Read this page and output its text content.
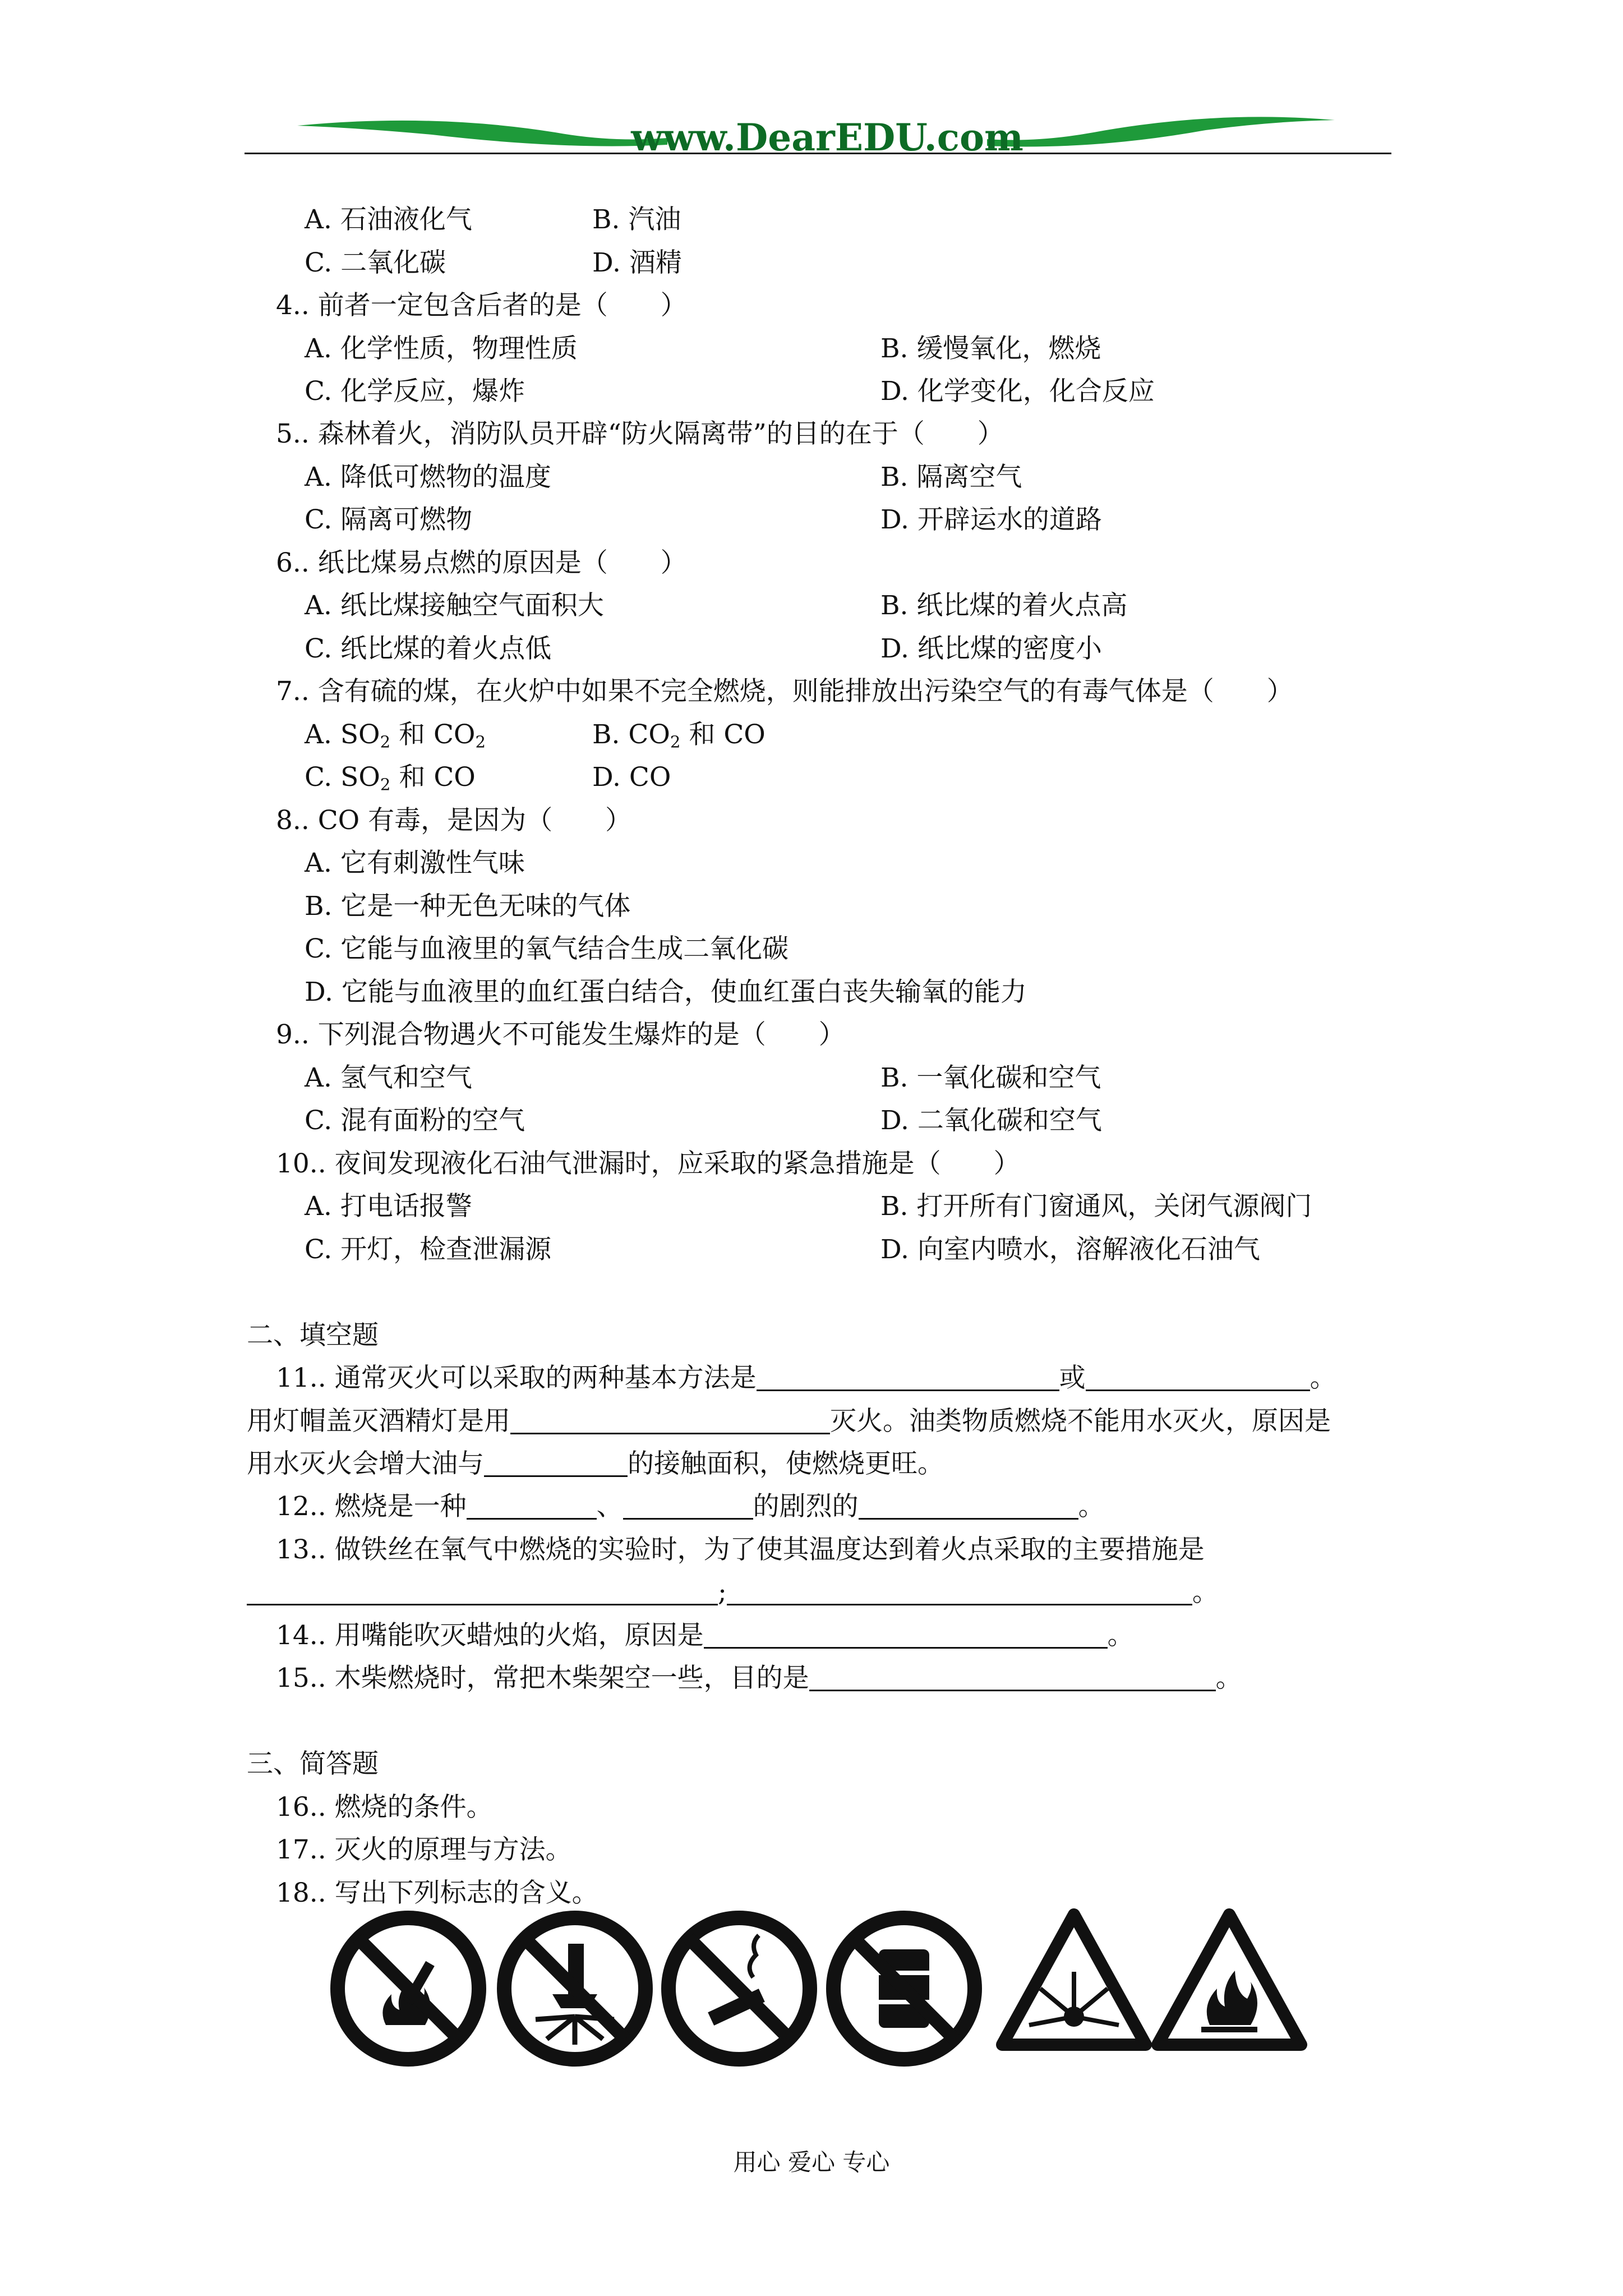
www.DearEDU.com
A. 石油液化气	B. 汽油
C. 二氧化碳	D. 酒精
4.. 前者一定包含后者的是（　　）
A. 化学性质，物理性质	B. 缓慢氧化，燃烧
C. 化学反应，爆炸	D. 化学变化，化合反应
5.. 森林着火，消防队员开辟“防火隔离带”的目的在于（　　）
A. 降低可燃物的温度	B. 隔离空气
C. 隔离可燃物	D. 开辟运水的道路
6.. 纸比煤易点燃的原因是（　　）
A. 纸比煤接触空气面积大	B. 纸比煤的着火点高
C. 纸比煤的着火点低	D. 纸比煤的密度小
7.. 含有硫的煤，在火炉中如果不完全燃烧，则能排放出污染空气的有毒气体是（　　）
A. $SO_2$ 和 $CO_2$	B. $CO_2$ 和 CO
C. $SO_2$ 和 CO	D. CO
8.. CO 有毒，是因为（　　）
A. 它有刺激性气味
B. 它是一种无色无味的气体
C. 它能与血液里的氧气结合生成二氧化碳
D. 它能与血液里的血红蛋白结合，使血红蛋白丧失输氧的能力
9.. 下列混合物遇火不可能发生爆炸的是（　　）
A. 氢气和空气	B. 一氧化碳和空气
C. 混有面粉的空气	D. 二氧化碳和空气
10.. 夜间发现液化石油气泄漏时，应采取的紧急措施是（　　）
A. 打电话报警	B. 打开所有门窗通风，关闭气源阀门
C. 开灯，检查泄漏源	D. 向室内喷水，溶解液化石油气
二、填空题
11.. 通常灭火可以采取的两种基本方法是	或	。
用灯帽盖灭酒精灯是用	灭火。油类物质燃烧不能用水灭火，原因是
用水灭火会增大油与	的接触面积，使燃烧更旺。
12.. 燃烧是一种	、	的剧烈的	。
13.. 做铁丝在氧气中燃烧的实验时，为了使其温度达到着火点采取的主要措施是
;	。
14.. 用嘴能吹灭蜡烛的火焰，原因是	。
15.. 木柴燃烧时，常把木柴架空一些，目的是	。
三、简答题
16.. 燃烧的条件。
17.. 灭火的原理与方法。
18.. 写出下列标志的含义。
用心 爱心 专心
